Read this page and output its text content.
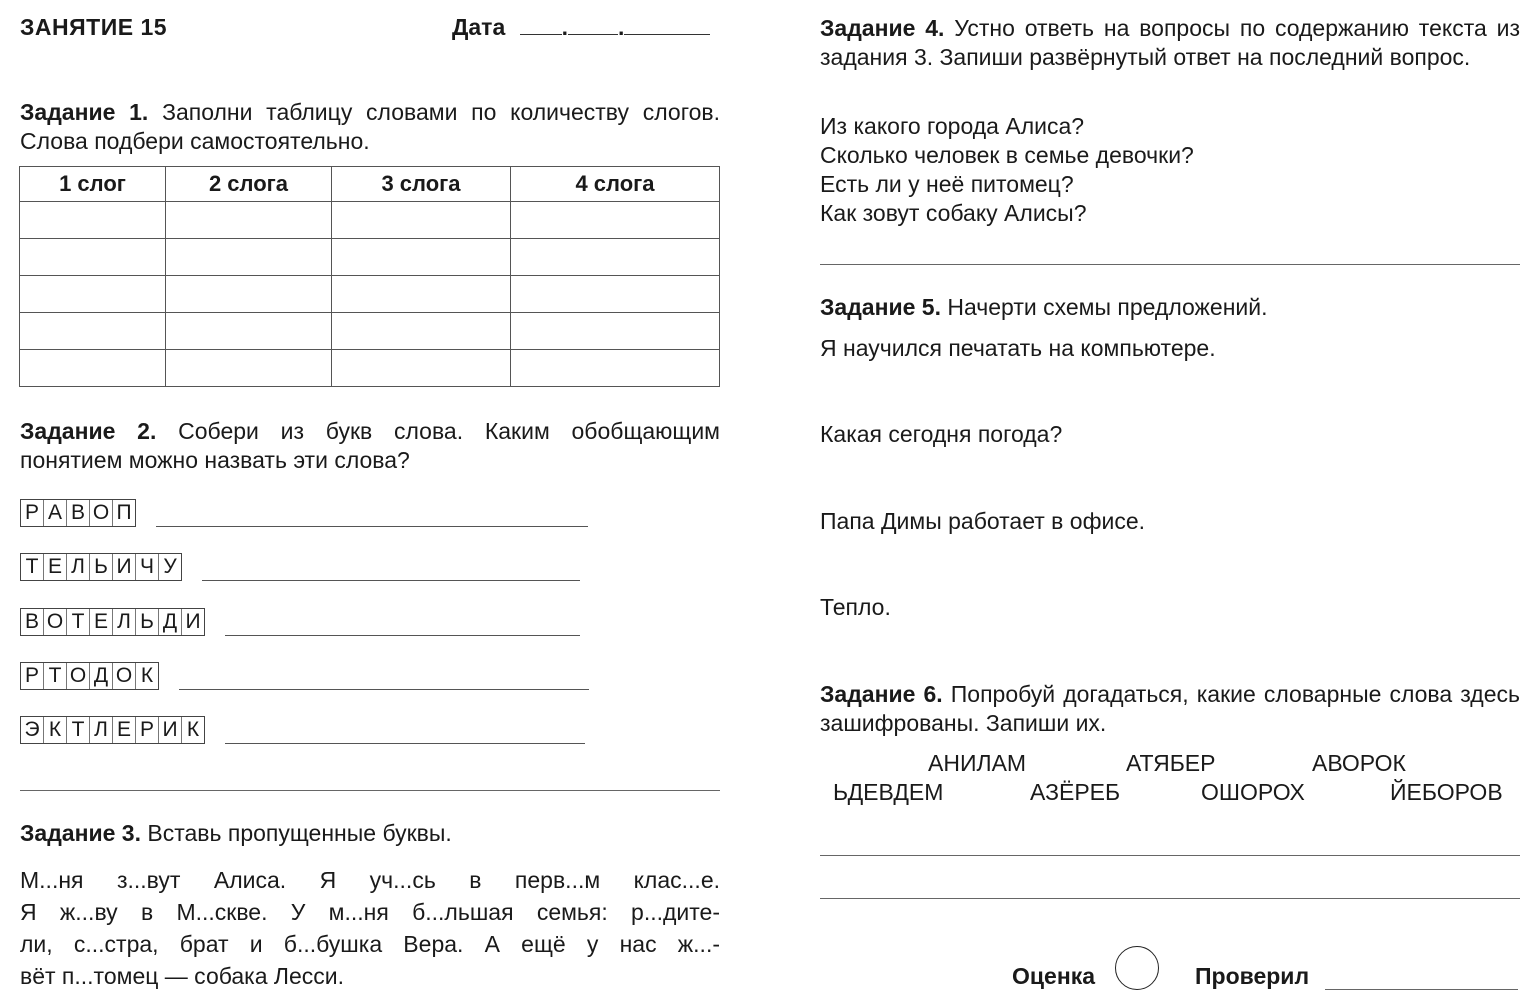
ЗАНЯТИЕ 15	Дата . .
Задание 1. Заполни таблицу словами по количеству слогов. Слова подбери самостоятельно.
1 слог	2 слога	3 слога	4 слога

Задание 2. Собери из букв слова. Каким обобщающим понятием можно назвать эти слова?
Р А В О П
Т Е Л Ь И Ч У
В О Т Е Л Ь Д И
Р Т О Д О К
Э К Т Л Е Р И К
Задание 3. Вставь пропущенные буквы.
М...ня з...вут Алиса. Я уч...сь в перв...м клас...е.
Я ж...ву в М...скве. У м...ня б...льшая семья: р...дите-
ли, с...стра, брат и б...бушка Вера. А ещё у нас ж...-
вёт п...томец — собака Лесси.
Задание 4. Устно ответь на вопросы по содержанию текста из задания 3. Запиши развёрнутый ответ на последний вопрос.
Из какого города Алиса?
Сколько человек в семье девочки?
Есть ли у неё питомец?
Как зовут собаку Алисы?
Задание 5. Начерти схемы предложений.
Я научился печатать на компьютере.
Какая сегодня погода?
Папа Димы работает в офисе.
Тепло.
Задание 6. Попробуй догадаться, какие словарные слова здесь зашифрованы. Запиши их.
АНИЛАМ	АТЯБЕР	АВОРОК
ЬДЕВДЕМ	АЗЁРЕБ	ОШОРОХ	ЙЕБОРОВ
Оценка	Проверил
